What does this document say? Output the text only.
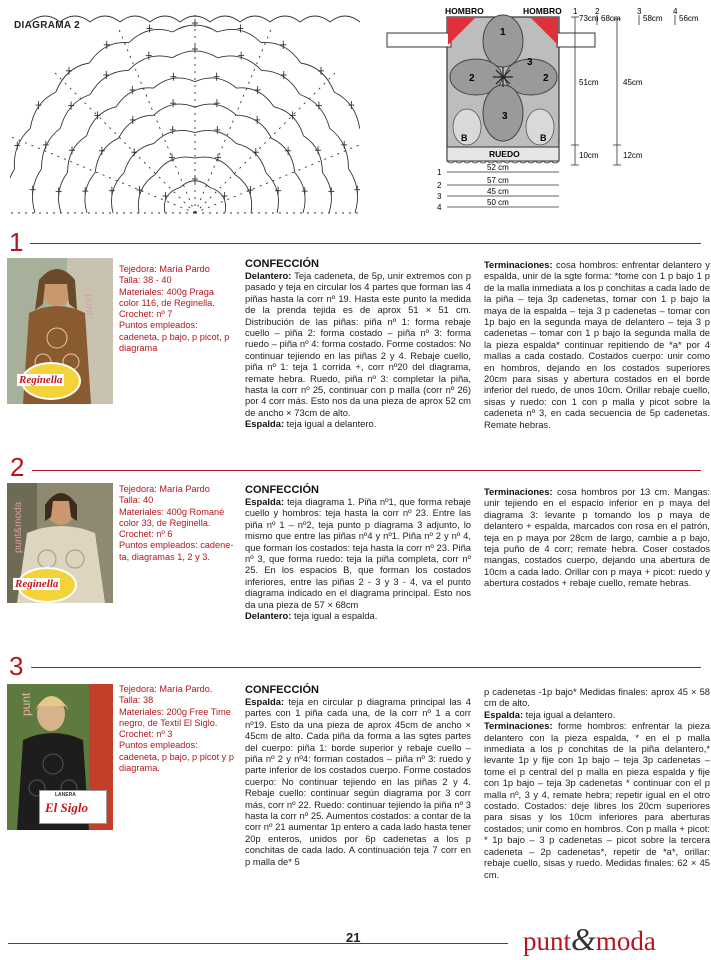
DIAGRAMA 2
HOMBRO	HOMBRO
RUEDO
1
2
3
2
3
B	B
1
73cm
2
68cm
3
58cm
4
56cm
51cm
10cm
45cm
12cm
52 cm
1
57 cm
2
45 cm
3
50 cm
4
1
punt
Reginella
Tejedora: María Pardo
Talla: 38 - 40
Materiales: 400g Praga
color 116, de Reginella.
Crochet: nº 7
Puntos empleados:
cadeneta, p bajo, p picot, p
diagrama
CONFECCIÓN
Delantero: Teja cadeneta, de 5p, unir extremos con p pasado y teja en circular los 4 partes que forman las 4 piñas hasta la corr nº 19. Hasta este punto la medida de la prenda tejida es de aprox 51 × 51 cm. Distribución de las piñas: piña nº 1: forma rebaje cuello – piña 2: forma costado – piña nº 3: forma ruedo – piña nº 4: forma costado. Forme costados: No continuar tejiendo en las piñas 2 y 4. Rebaje cuello, piña nº 1: teja 1 corrida +, corr nº20 del diagrama, remate hebra. Ruedo, piña nº 3: completar la piña, hasta la corr nº 25, continuar con p malla (corr nº 26) por 4 corr más. Esto nos da una pieza de aprox 52 cm de ancho × 73cm de alto.
Espalda: teja igual a delantero.
Terminaciones: cosa hombros: enfrentar delantero y espalda, unir de la sgte forma: *tome con 1 p bajo 1 p de la malla inmediata a los p conchitas a cada lado de la piña – teja 3p cadenetas, tomar con 1 p bajo la maya de la espalda – teja 3 p cadenetas – tomar con 1p bajo en la segunda maya de delantero – teja 3 p cadenetas – tomar con 1 p bajo la segunda malla de la pieza espalda* continuar repitiendo de *a* por 4 mallas a cada costado. Costados cuerpo: unir como en hombros, dejando en los costados superiores 20cm para sisas y abertura costados en el borde inferior del ruedo, de unos 10cm. Orillar rebaje cuello, sisas y ruedo: con 1 con p malla y picot sobre la cadeneta nº 3, en cada secuencia de 5p cadenetas. Remate hebras.
2
punt&moda
Reginella
Tejedora: María Pardo
Talla: 40
Materiales: 400g Romané
color 33, de Reginella.
Crochet: nº 6
Puntos empleados: cadene-
ta, diagramas 1, 2 y 3.
CONFECCIÓN
Espalda: teja diagrama 1. Piña nº1, que forma rebaje cuello y hombros: teja hasta la corr nº 23. Entre las piña nº 1 – nº2, teja punto p diagrama 3 adjunto, lo mismo que entre las piñas nº4 y nº1. Piña nº 2 y nº 4, que forman los costados: teja hasta la corr nº 23. Piña nº 3, que forma ruedo: teja la piña completa, corr nº 25. En los espacios B, que forman los costados inferiores, entre las piñas 2 - 3 y 3 - 4, va el punto diagrama indicado en el diagrama principal. Esto nos da una pieza de 57 × 68cm
Delantero: teja igual a espalda.
Terminaciones: cosa hombros por 13 cm. Mangas: unir tejiendo en el espacio inferior en p maya del diagrama 3: levante p tomando los p maya de delantero + espalda, marcados con rosa en el patrón, teja en p maya por 28cm de largo, cambie a p bajo, teja puño de 4 corr; remate hebra. Coser costados mangas, costados cuerpo, dejando una abertura de 10cm a cada lado. Orillar con p maya + picot: ruedo y abertura costados + rebaje cuello, remate hebras.
3
punt
LANERA
El Siglo
Tejedora: María Pardo.
Talla: 38
Materiales: 200g Free Time
negro, de Textil El Siglo.
Crochet: nº 3
Puntos empleados:
cadeneta, p bajo, p picot y p
diagrama.
CONFECCIÓN
Espalda: teja en circular p diagrama principal las 4 partes con 1 piña cada una, de la corr nº 1 a corr nº19. Esto da una pieza de aprox 45cm de ancho × 45cm de alto. Cada piña da forma a las sgtes partes del cuerpo: piña 1: borde superior y rebaje cuello – piña nº 2 y nº4: forman costados – piña nº 3: ruedo y parte inferior de los costados cuerpo. Forme costados cuerpo: No continuar tejiendo en las piñas 2 y 4. Rebaje cuello: continuar según diagrama por 3 corr más, corr nº 22. Ruedo: continuar tejiendo la piña nº 3 hasta la corr nº 25. Aumentos costados: a contar de la corr nº 21 aumentar 1p entero a cada lado hasta tener 20p enteros, unidos por 6p cadenetas a los p conchitas de cada lado. A continuación teja 7 corr en p malla de* 5
p cadenetas -1p bajo* Medidas finales: aprox 45 × 58 cm de alto.
Espalda: teja igual a delantero.
Terminaciones: forme hombros: enfrentar la pieza delantero con la pieza espalda, * en el p malla inmediata a los p conchitas de la piña delantero,* levante 1p y fije con 1p bajo – teja 3p cadenetas – tome el p central del p malla en pieza espalda y fije con 1p bajo – teja 3p cadenetas * continuar con el p malla nº, 3 y 4, remate hebra; repetir igual en el otro costado. Costados: deje libres los 20cm superiores para sisas y los 10cm inferiores para aberturas costados; unir como en hombros. Con p malla + picot: * 1p bajo – 3 p cadenetas – picot sobre la tercera cadeneta – 2p cadenetas*, repetir de *a*, orillar: rebaje cuello, sisas y ruedo. Medidas finales: 62 × 45 cm.
21	punt&moda
